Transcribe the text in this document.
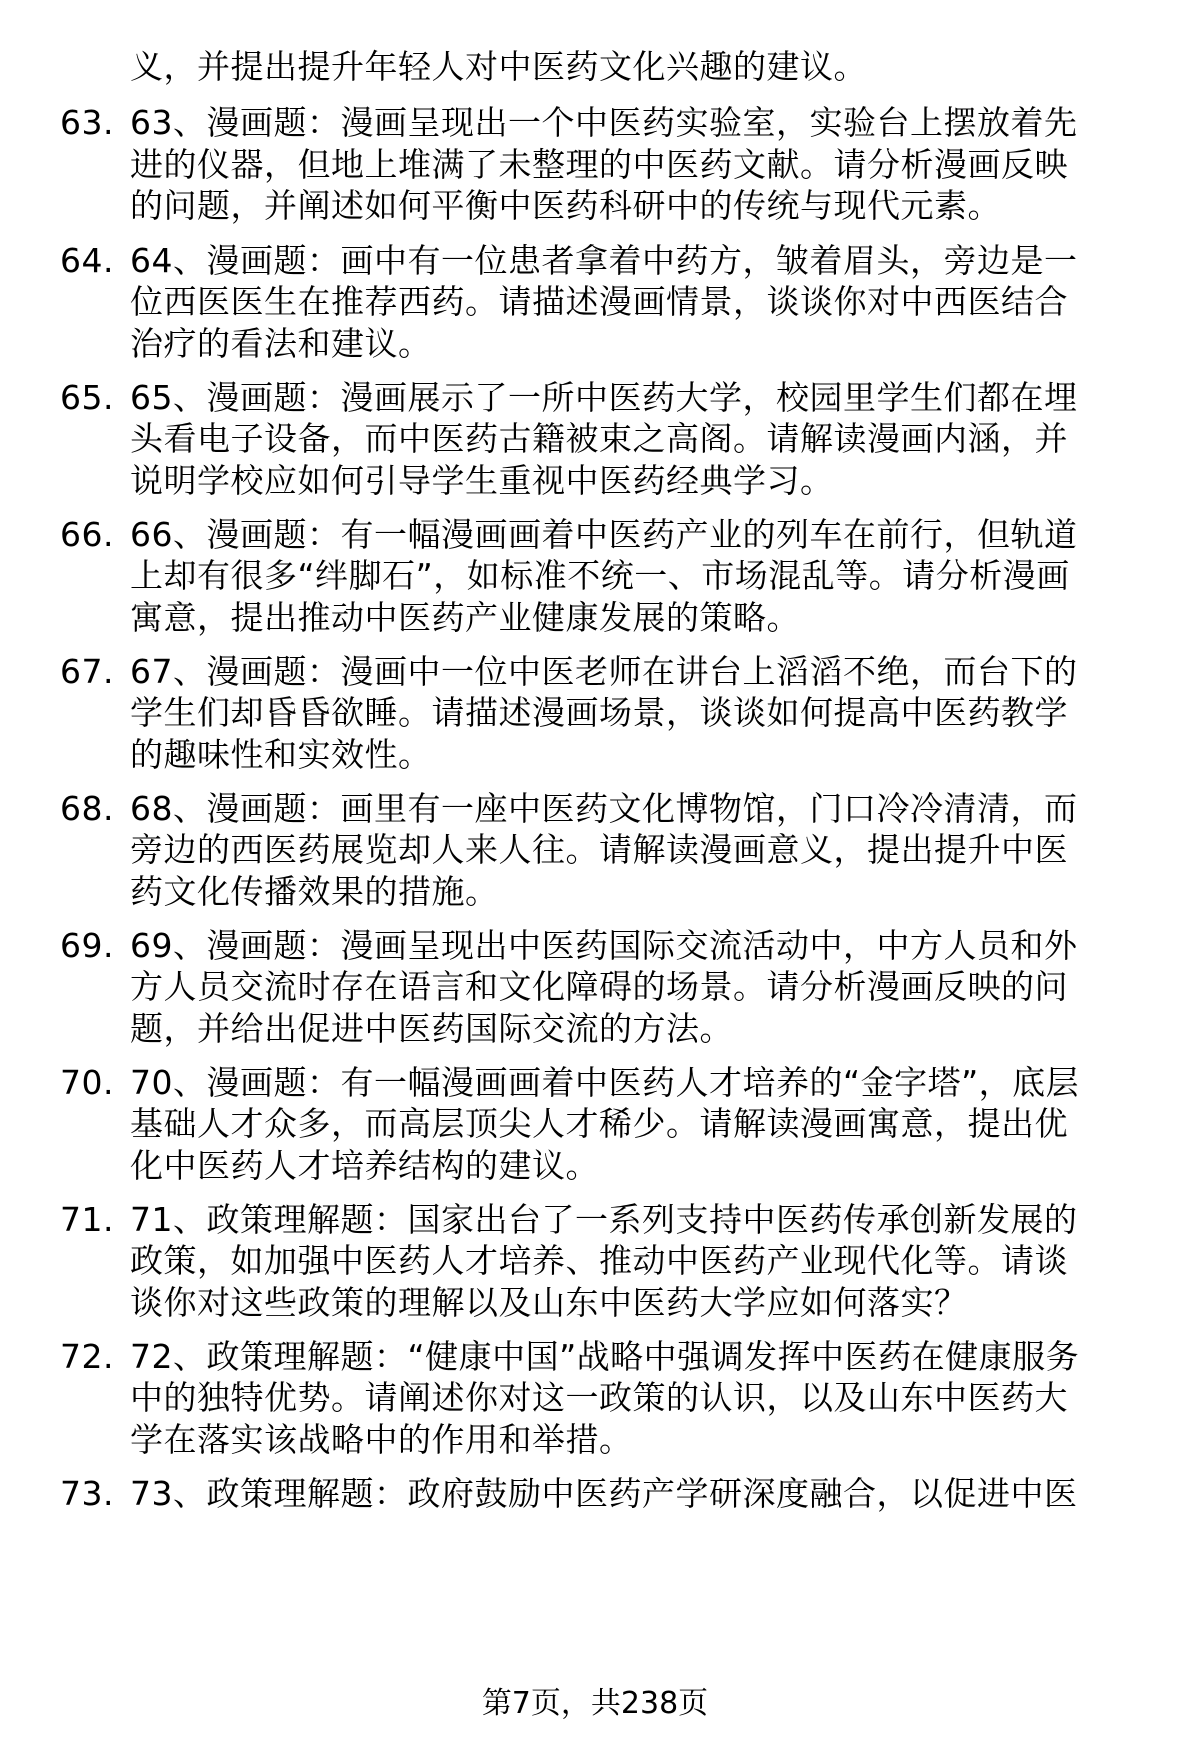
义，并提出提升年轻人对中医药文化兴趣的建议。
63. 63、漫画题：漫画呈现出一个中医药实验室，实验台上摆放着先
进的仪器，但地上堆满了未整理的中医药文献。请分析漫画反映
的问题，并阐述如何平衡中医药科研中的传统与现代元素。
64. 64、漫画题：画中有一位患者拿着中药方，皱着眉头，旁边是一
位西医医生在推荐西药。请描述漫画情景，谈谈你对中西医结合
治疗的看法和建议。
65. 65、漫画题：漫画展示了一所中医药大学，校园里学生们都在埋
头看电子设备，而中医药古籍被束之高阁。请解读漫画内涵，并
说明学校应如何引导学生重视中医药经典学习。
66. 66、漫画题：有一幅漫画画着中医药产业的列车在前行，但轨道
上却有很多“绊脚石”，如标准不统一、市场混乱等。请分析漫画
寓意，提出推动中医药产业健康发展的策略。
67. 67、漫画题：漫画中一位中医老师在讲台上滔滔不绝，而台下的
学生们却昏昏欲睡。请描述漫画场景，谈谈如何提高中医药教学
的趣味性和实效性。
68. 68、漫画题：画里有一座中医药文化博物馆，门口冷冷清清，而
旁边的西医药展览却人来人往。请解读漫画意义，提出提升中医
药文化传播效果的措施。
69. 69、漫画题：漫画呈现出中医药国际交流活动中，中方人员和外
方人员交流时存在语言和文化障碍的场景。请分析漫画反映的问
题，并给出促进中医药国际交流的方法。
70. 70、漫画题：有一幅漫画画着中医药人才培养的“金字塔”，底层
基础人才众多，而高层顶尖人才稀少。请解读漫画寓意，提出优
化中医药人才培养结构的建议。
71. 71、政策理解题：国家出台了一系列支持中医药传承创新发展的
政策，如加强中医药人才培养、推动中医药产业现代化等。请谈
谈你对这些政策的理解以及山东中医药大学应如何落实？
72. 72、政策理解题：“健康中国”战略中强调发挥中医药在健康服务
中的独特优势。请阐述你对这一政策的认识，以及山东中医药大
学在落实该战略中的作用和举措。
73. 73、政策理解题：政府鼓励中医药产学研深度融合，以促进中医
第7页，共238页
